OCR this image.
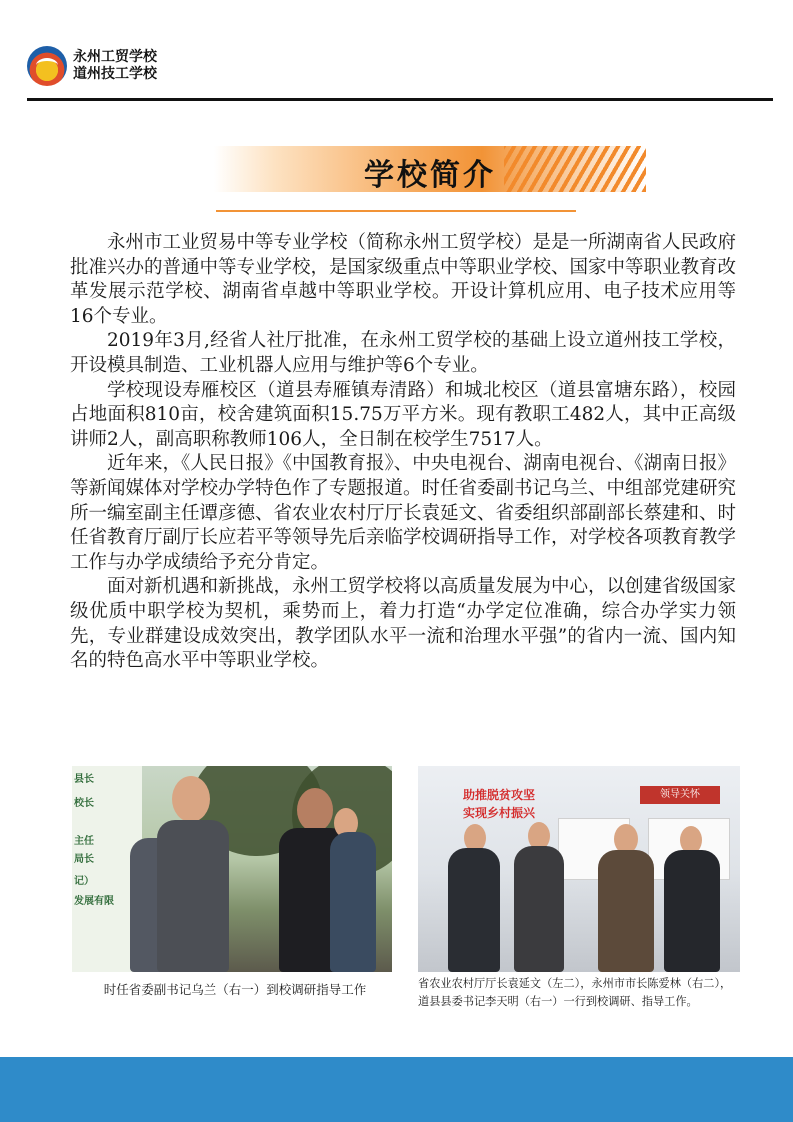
永州工贸学校
道州技工学校
学校简介

永州市工业贸易中等专业学校（简称永州工贸学校）是是一所湖南省人民政府批准兴办的普通中等专业学校，是国家级重点中等职业学校、国家中等职业教育改革发展示范学校、湖南省卓越中等职业学校。开设计算机应用、电子技术应用等16个专业。

2019年3月,经省人社厅批准，在永州工贸学校的基础上设立道州技工学校，开设模具制造、工业机器人应用与维护等6个专业。

学校现设寿雁校区（道县寿雁镇寿清路）和城北校区（道县富塘东路），校园占地面积810亩，校舍建筑面积15.75万平方米。现有教职工482人，其中正高级讲师2人，副高职称教师106人，全日制在校学生7517人。

近年来，《人民日报》《中国教育报》、中央电视台、湖南电视台、《湖南日报》等新闻媒体对学校办学特色作了专题报道。时任省委副书记乌兰、中组部党建研究所一编室副主任谭彦德、省农业农村厅厅长袁延文、省委组织部副部长蔡建和、时任省教育厅副厅长应若平等领导先后亲临学校调研指导工作，对学校各项教育教学工作与办学成绩给予充分肯定。

面对新机遇和新挑战，永州工贸学校将以高质量发展为中心，以创建省级国家级优质中职学校为契机，乘势而上，着力打造“办学定位准确，综合办学实力领先，专业群建设成效突出，教学团队水平一流和治理水平强”的省内一流、国内知名的特色高水平中等职业学校。

县长
校长
主任
局长
记）
发展有限
时任省委副书记乌兰（右一）到校调研指导工作
助推脱贫攻坚
实现乡村振兴
领导关怀
省农业农村厅厅长袁延文（左二），永州市市长陈爱林（右二），
道县县委书记李天明（右一）一行到校调研、指导工作。
